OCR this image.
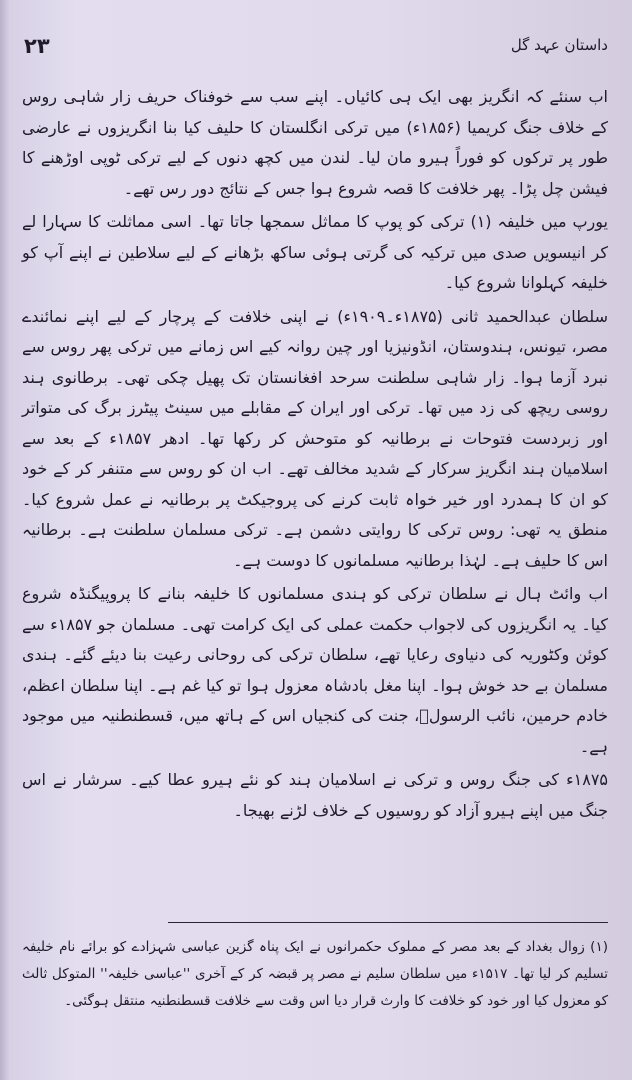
۲۳	داستان عہد گل

اب سنئے کہ انگریز بھی ایک ہی کائیاں۔ اپنے سب سے خوفناک حریف زار شاہی روس کے خلاف جنگ کریمیا (۱۸۵۶ء) میں ترکی انگلستان کا حلیف کیا بنا انگریزوں نے عارضی طور پر ترکوں کو فوراً ہیرو مان لیا۔ لندن میں کچھ دنوں کے لیے ترکی ٹوپی اوڑھنے کا فیشن چل پڑا۔ پھر خلافت کا قصہ شروع ہوا جس کے نتائج دور رس تھے۔

یورپ میں خلیفہ (۱) ترکی کو پوپ کا مماثل سمجھا جاتا تھا۔ اسی مماثلت کا سہارا لے کر انیسویں صدی میں ترکیہ کی گرتی ہوئی ساکھ بڑھانے کے لیے سلاطین نے اپنے آپ کو خلیفہ کہلوانا شروع کیا۔

سلطان عبدالحمید ثانی (۱۸۷۵ء۔۱۹۰۹ء) نے اپنی خلافت کے پرچار کے لیے اپنے نمائندے مصر، تیونس، ہندوستان، انڈونیزیا اور چین روانہ کیے اس زمانے میں ترکی پھر روس سے نبرد آزما ہوا۔ زار شاہی سلطنت سرحد افغانستان تک پھیل چکی تھی۔ برطانوی ہند روسی ریچھ کی زد میں تھا۔ ترکی اور ایران کے مقابلے میں سینٹ پیٹرز برگ کی متواتر اور زبردست فتوحات نے برطانیہ کو متوحش کر رکھا تھا۔ ادھر ۱۸۵۷ء کے بعد سے اسلامیان ہند انگریز سرکار کے شدید مخالف تھے۔ اب ان کو روس سے متنفر کر کے خود کو ان کا ہمدرد اور خیر خواہ ثابت کرنے کی پروجیکٹ پر برطانیہ نے عمل شروع کیا۔ منطق یہ تھی: روس ترکی کا روایتی دشمن ہے۔ ترکی مسلمان سلطنت ہے۔ برطانیہ اس کا حلیف ہے۔ لہٰذا برطانیہ مسلمانوں کا دوست ہے۔

اب وائٹ ہال نے سلطان ترکی کو ہندی مسلمانوں کا خلیفہ بنانے کا پروپیگنڈہ شروع کیا۔ یہ انگریزوں کی لاجواب حکمت عملی کی ایک کرامت تھی۔ مسلمان جو ۱۸۵۷ء سے کوئن وکٹوریہ کی دنیاوی رعایا تھے، سلطان ترکی کی روحانی رعیت بنا دیئے گئے۔ ہندی مسلمان بے حد خوش ہوا۔ اپنا مغل بادشاہ معزول ہوا تو کیا غم ہے۔ اپنا سلطان اعظم، خادم حرمین، نائب الرسولؐ، جنت کی کنجیاں اس کے ہاتھ میں، قسطنطنیہ میں موجود ہے۔

۱۸۷۵ء کی جنگ روس و ترکی نے اسلامیان ہند کو نئے ہیرو عطا کیے۔ سرشار نے اس جنگ میں اپنے ہیرو آزاد کو روسیوں کے خلاف لڑنے بھیجا۔

(۱) زوال بغداد کے بعد مصر کے مملوک حکمرانوں نے ایک پناہ گزین عباسی شہزادے کو برائے نام خلیفہ تسلیم کر لیا تھا۔ ۱۵۱۷ء میں سلطان سلیم نے مصر پر قبضہ کر کے آخری ''عباسی خلیفہ'' المتوکل ثالث کو معزول کیا اور خود کو خلافت کا وارث قرار دیا اس وقت سے خلافت قسطنطنیہ منتقل ہوگئی۔
